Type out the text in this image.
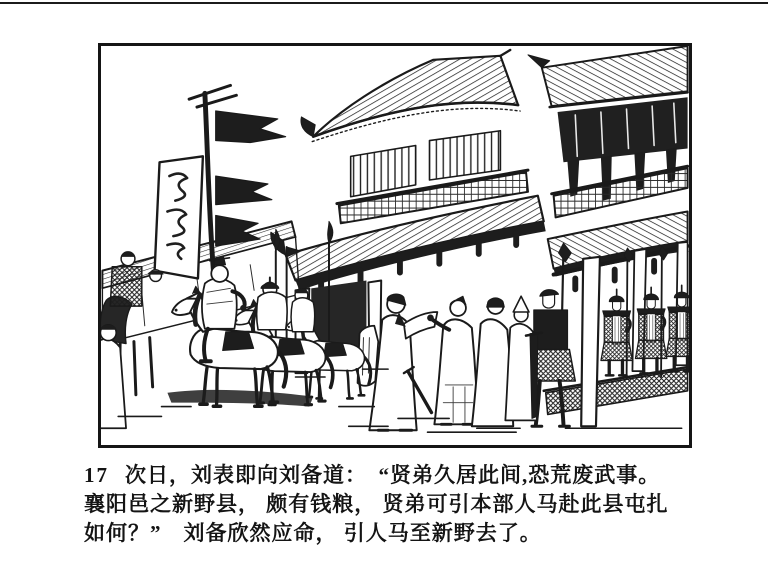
17 次日，刘表即向刘备道：　“贤弟久居此间,恐荒废武事。
襄阳邑之新野县， 颇有钱粮， 贤弟可引本部人马赴此县屯扎
如何？”　刘备欣然应命， 引人马至新野去了。
